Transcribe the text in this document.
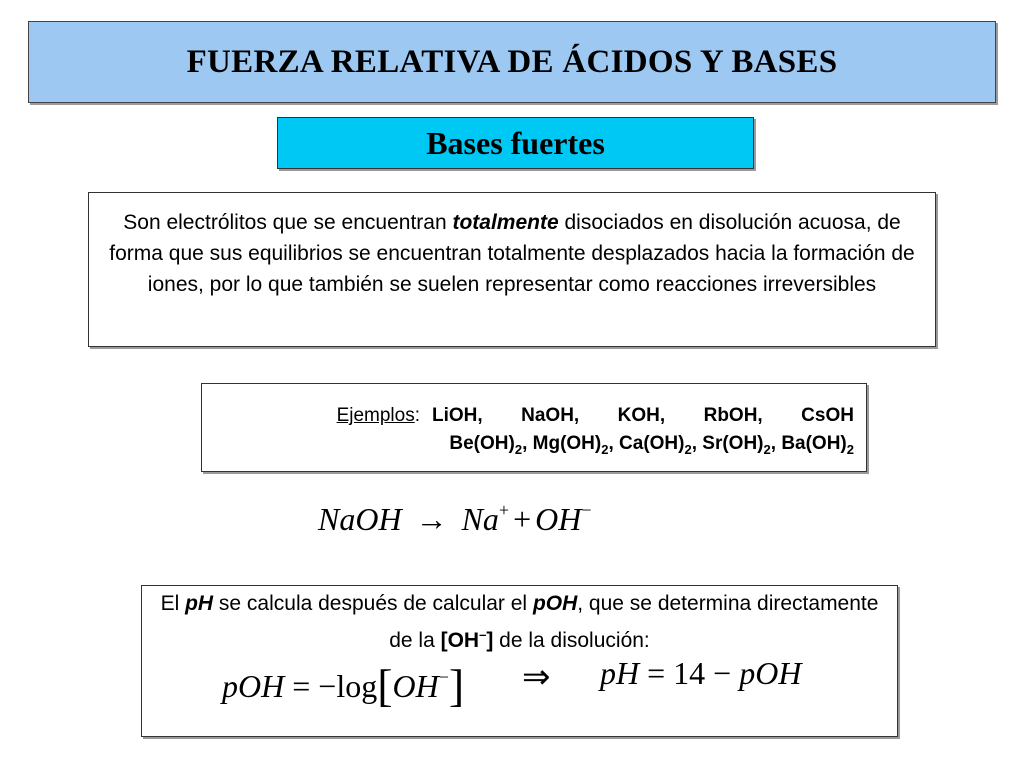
FUERZA RELATIVA DE ÁCIDOS Y BASES
Bases fuertes
Son electrólitos que se encuentran totalmente disociados en disolución acuosa, de forma que sus equilibrios se encuentran totalmente desplazados hacia la formación de iones, por lo que también se suelen representar como reacciones irreversibles
Ejemplos : LiOH, NaOH, KOH, RbOH, CsOH
$Be(OH)_2$, $Mg(OH)_2$, $Ca(OH)_2$, $Sr(OH)_2$, $Ba(OH)_2$
NaOH → Na+ + OH−
El pH se calcula después de calcular el pOH, que se determina directamente de la [OH–] de la disolución:
pOH = −log[OH−] ⇒ pH = 14 − pOH
